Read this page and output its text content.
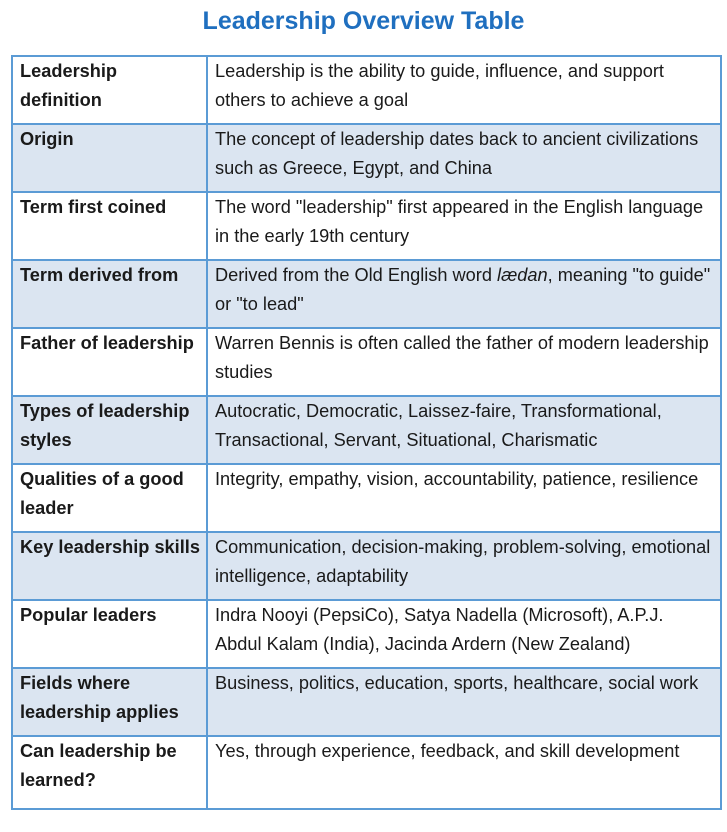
Leadership Overview Table
Leadership definition	Leadership is the ability to guide, influence, and support others to achieve a goal
Origin	The concept of leadership dates back to ancient civilizations such as Greece, Egypt, and China
Term first coined	The word "leadership" first appeared in the English language in the early 19th century
Term derived from	Derived from the Old English word lædan, meaning "to guide" or "to lead"
Father of leadership	Warren Bennis is often called the father of modern leadership studies
Types of leadership styles	Autocratic, Democratic, Laissez-faire, Transformational, Transactional, Servant, Situational, Charismatic
Qualities of a good leader	Integrity, empathy, vision, accountability, patience, resilience
Key leadership skills	Communication, decision-making, problem-solving, emotional intelligence, adaptability
Popular leaders	Indra Nooyi (PepsiCo), Satya Nadella (Microsoft), A.P.J. Abdul Kalam (India), Jacinda Ardern (New Zealand)
Fields where leadership applies	Business, politics, education, sports, healthcare, social work
Can leadership be learned?	Yes, through experience, feedback, and skill development
